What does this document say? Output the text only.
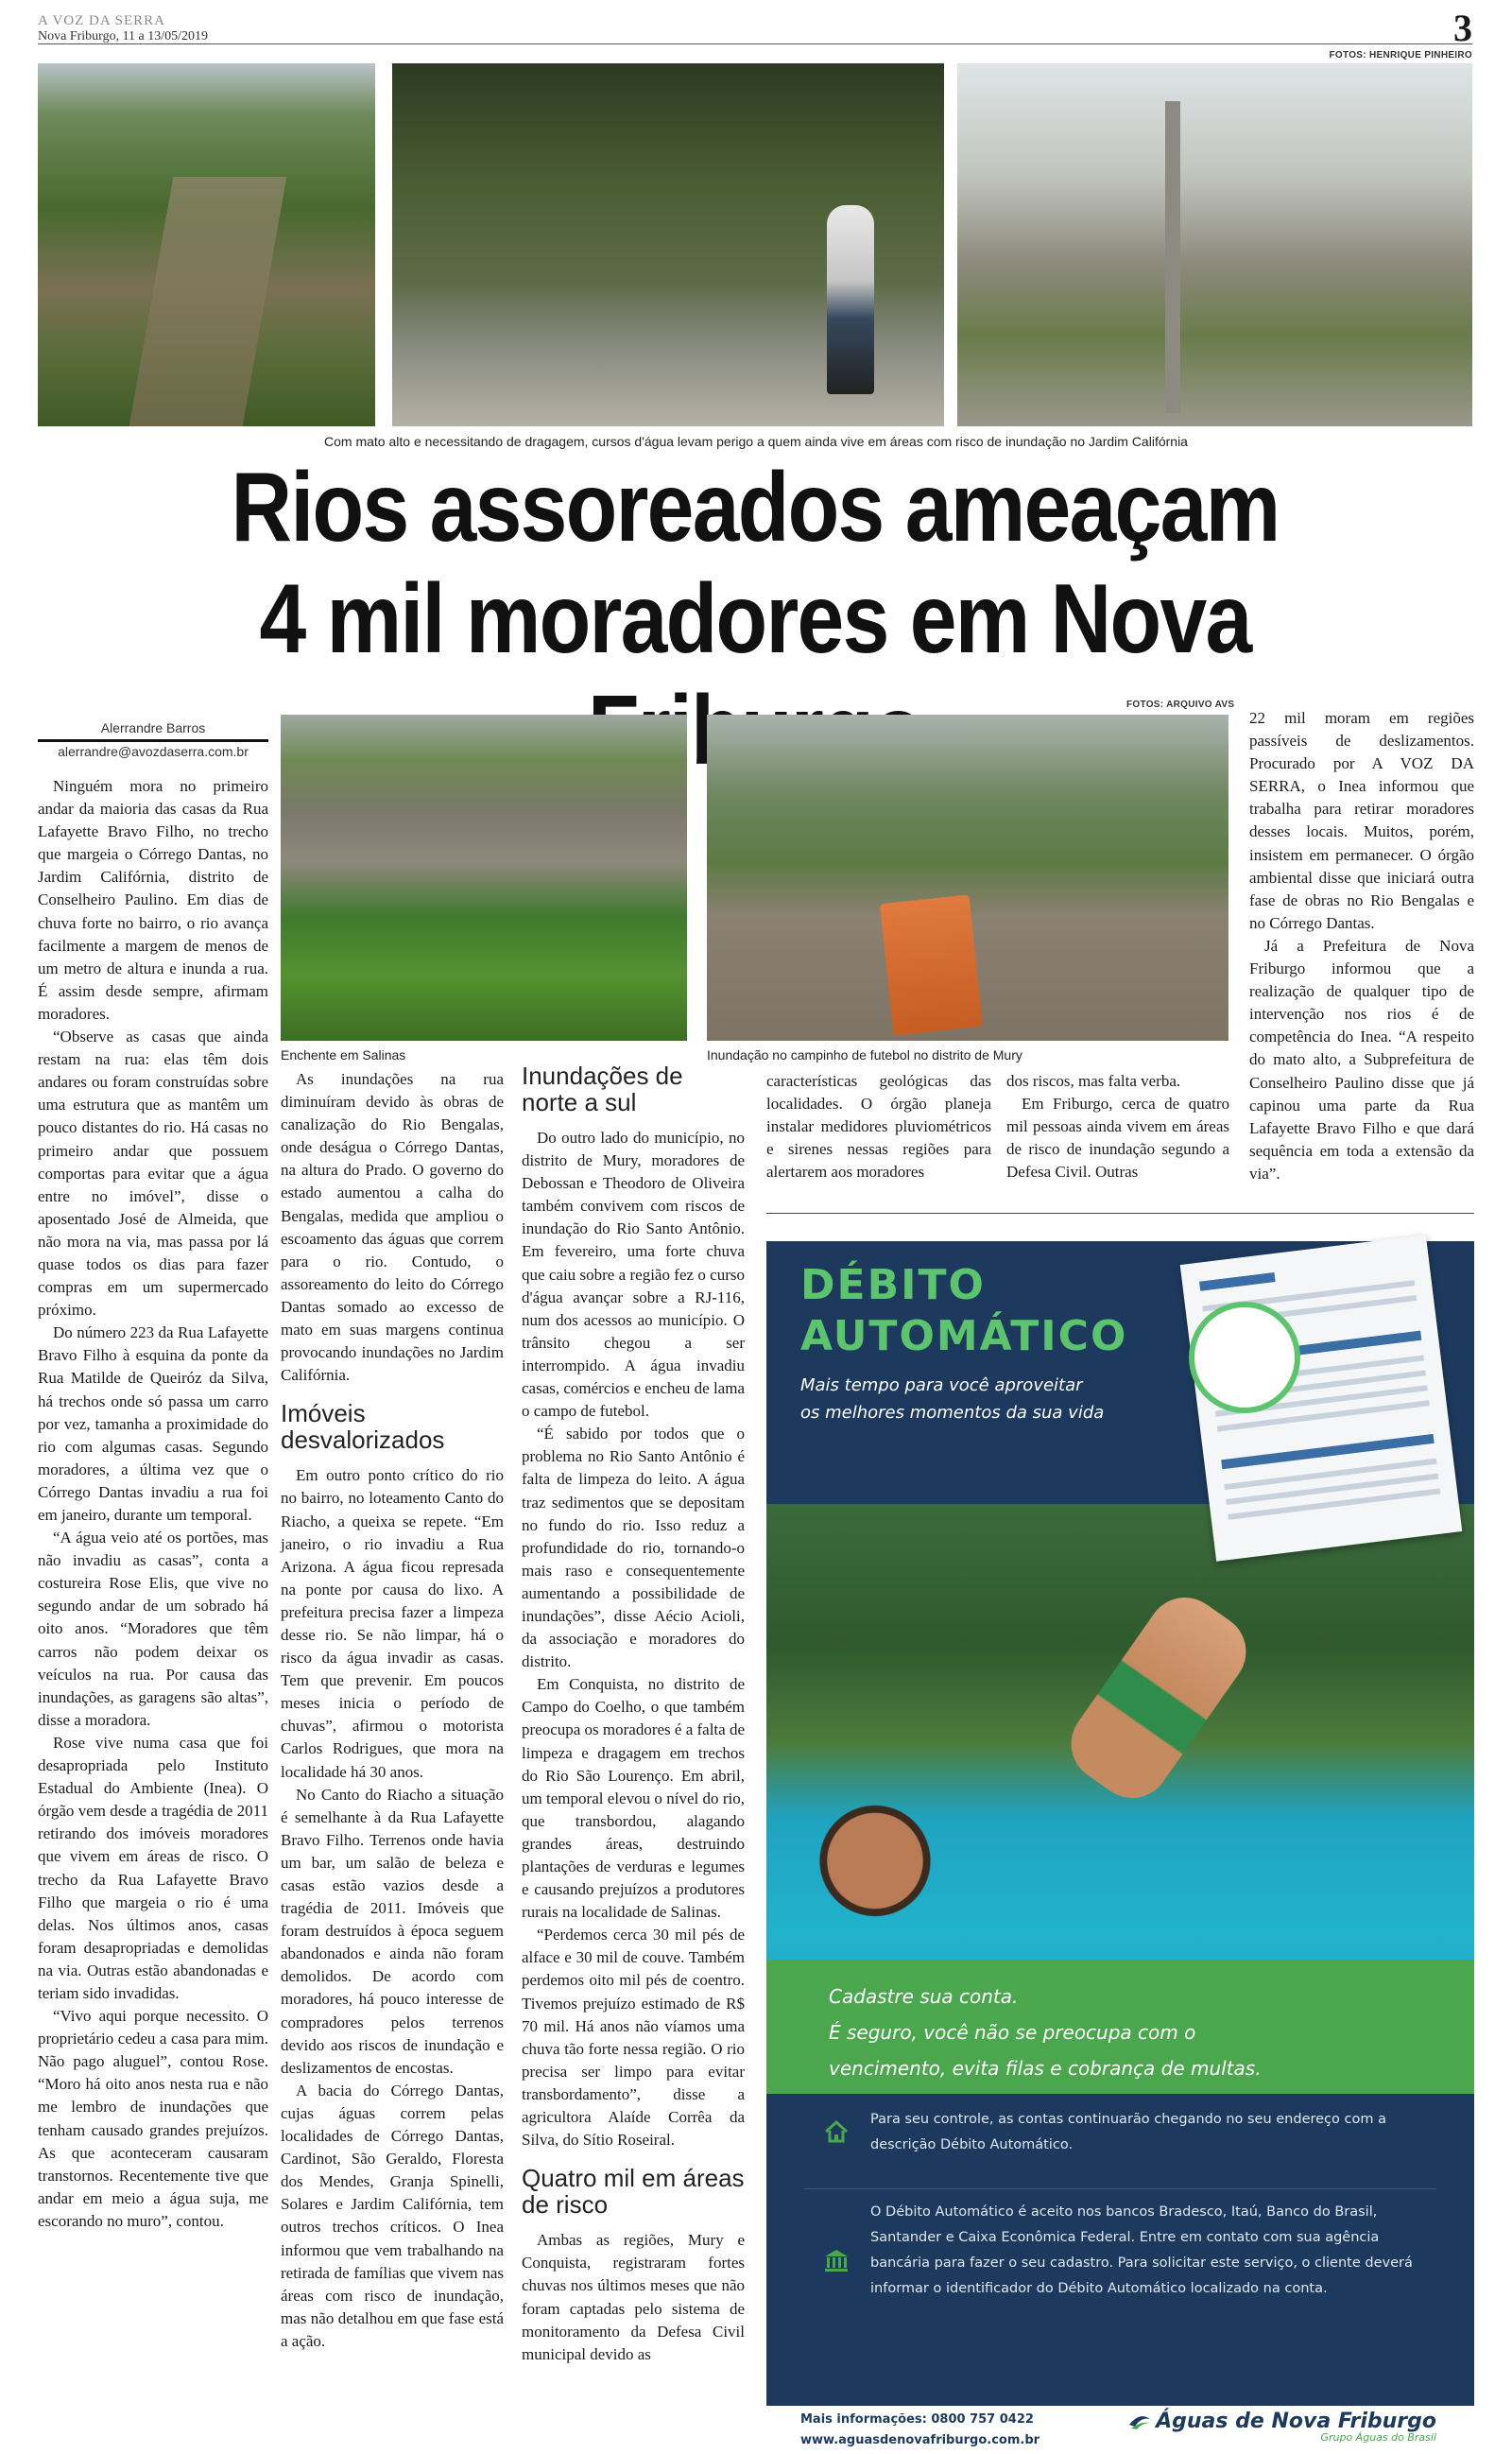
A VOZ DA SERRA
Nova Friburgo, 11 a 13/05/2019	3
FOTOS: HENRIQUE PINHEIRO
Com mato alto e necessitando de dragagem, cursos d'água levam perigo a quem ainda vive em áreas com risco de inundação no Jardim Califórnia
Rios assoreados ameaçam
4 mil moradores em Nova
Alerrandre Barros
alerrandre@avozdaserra.com.br
FOTOS: ARQUIVO AVS
Enchente em Salinas	Inundação no campinho de futebol no distrito de Mury

Ninguém mora no primeiro andar da maioria das casas da Rua Lafayette Bravo Filho, no trecho que margeia o Córrego Dantas, no Jardim Califórnia, distrito de Conselheiro Paulino. Em dias de chuva forte no bairro, o rio avança facilmente a margem de menos de um metro de altura e inunda a rua. É assim desde sempre, afirmam moradores.

“Observe as casas que ainda restam na rua: elas têm dois andares ou foram construídas sobre uma estrutura que as mantêm um pouco distantes do rio. Há casas no primeiro andar que possuem comportas para evitar que a água entre no imóvel”, disse o aposentado José de Almeida, que não mora na via, mas passa por lá quase todos os dias para fazer compras em um supermercado próximo.

Do número 223 da Rua Lafayette Bravo Filho à esquina da ponte da Rua Matilde de Queiróz da Silva, há trechos onde só passa um carro por vez, tamanha a proximidade do rio com algumas casas. Segundo moradores, a última vez que o Córrego Dantas invadiu a rua foi em janeiro, durante um temporal.

“A água veio até os portões, mas não invadiu as casas”, conta a costureira Rose Elis, que vive no segundo andar de um sobrado há oito anos. “Moradores que têm carros não podem deixar os veículos na rua. Por causa das inundações, as garagens são altas”, disse a moradora.

Rose vive numa casa que foi desapropriada pelo Instituto Estadual do Ambiente (Inea). O órgão vem desde a tragédia de 2011 retirando dos imóveis moradores que vivem em áreas de risco. O trecho da Rua Lafayette Bravo Filho que margeia o rio é uma delas. Nos últimos anos, casas foram desapropriadas e demolidas na via. Outras estão abandonadas e teriam sido invadidas.

“Vivo aqui porque necessito. O proprietário cedeu a casa para mim. Não pago aluguel”, contou Rose. “Moro há oito anos nesta rua e não me lembro de inundações que tenham causado grandes prejuízos. As que aconteceram causaram transtornos. Recentemente tive que andar em meio a água suja, me escorando no muro”, contou.

As inundações na rua diminuíram devido às obras de canalização do Rio Bengalas, onde deságua o Córrego Dantas, na altura do Prado. O governo do estado aumentou a calha do Bengalas, medida que ampliou o escoamento das águas que correm para o rio. Contudo, o assoreamento do leito do Córrego Dantas somado ao excesso de mato em suas margens continua provocando inundações no Jardim Califórnia.

Imóveis desvalorizados

Em outro ponto crítico do rio no bairro, no loteamento Canto do Riacho, a queixa se repete. “Em janeiro, o rio invadiu a Rua Arizona. A água ficou represada na ponte por causa do lixo. A prefeitura precisa fazer a limpeza desse rio. Se não limpar, há o risco da água invadir as casas. Tem que prevenir. Em poucos meses inicia o período de chuvas”, afirmou o motorista Carlos Rodrigues, que mora na localidade há 30 anos.

No Canto do Riacho a situação é semelhante à da Rua Lafayette Bravo Filho. Terrenos onde havia um bar, um salão de beleza e casas estão vazios desde a tragédia de 2011. Imóveis que foram destruídos à época seguem abandonados e ainda não foram demolidos. De acordo com moradores, há pouco interesse de compradores pelos terrenos devido aos riscos de inundação e deslizamentos de encostas.

A bacia do Córrego Dantas, cujas águas correm pelas localidades de Córrego Dantas, Cardinot, São Geraldo, Floresta dos Mendes, Granja Spinelli, Solares e Jardim Califórnia, tem outros trechos críticos. O Inea informou que vem trabalhando na retirada de famílias que vivem nas áreas com risco de inundação, mas não detalhou em que fase está a ação.

Inundações de norte a sul

Do outro lado do município, no distrito de Mury, moradores de Debossan e Theodoro de Oliveira também convivem com riscos de inundação do Rio Santo Antônio. Em fevereiro, uma forte chuva que caiu sobre a região fez o curso d'água avançar sobre a RJ-116, num dos acessos ao município. O trânsito chegou a ser interrompido. A água invadiu casas, comércios e encheu de lama o campo de futebol.

“É sabido por todos que o problema no Rio Santo Antônio é falta de limpeza do leito. A água traz sedimentos que se depositam no fundo do rio. Isso reduz a profundidade do rio, tornando-o mais raso e consequentemente aumentando a possibilidade de inundações”, disse Aécio Acioli, da associação e moradores do distrito.

Em Conquista, no distrito de Campo do Coelho, o que também preocupa os moradores é a falta de limpeza e dragagem em trechos do Rio São Lourenço. Em abril, um temporal elevou o nível do rio, que transbordou, alagando grandes áreas, destruindo plantações de verduras e legumes e causando prejuízos a produtores rurais na localidade de Salinas.

“Perdemos cerca 30 mil pés de alface e 30 mil de couve. Também perdemos oito mil pés de coentro. Tivemos prejuízo estimado de R$ 70 mil. Há anos não víamos uma chuva tão forte nessa região. O rio precisa ser limpo para evitar transbordamento”, disse a agricultora Alaíde Corrêa da Silva, do Sítio Roseiral.

Quatro mil em áreas de risco

Ambas as regiões, Mury e Conquista, registraram fortes chuvas nos últimos meses que não foram captadas pelo sistema de monitoramento da Defesa Civil municipal devido as

características geológicas das localidades. O órgão planeja instalar medidores pluviométricos e sirenes nessas regiões para alertarem aos moradores

dos riscos, mas falta verba.

Em Friburgo, cerca de quatro mil pessoas ainda vivem em áreas de risco de inundação segundo a Defesa Civil. Outras

22 mil moram em regiões passíveis de deslizamentos. Procurado por A VOZ DA SERRA, o Inea informou que trabalha para retirar moradores desses locais. Muitos, porém, insistem em permanecer. O órgão ambiental disse que iniciará outra fase de obras no Rio Bengalas e no Córrego Dantas.

Já a Prefeitura de Nova Friburgo informou que a realização de qualquer tipo de intervenção nos rios é de competência do Inea. “A respeito do mato alto, a Subprefeitura de Conselheiro Paulino disse que já capinou uma parte da Rua Lafayette Bravo Filho e que dará sequência em toda a extensão da via”.

DÉBITO
AUTOMÁTICO
Mais tempo para você aproveitar
os melhores momentos da sua vida
Cadastre sua conta.
É seguro, você não se preocupa com o
vencimento, evita filas e cobrança de multas.
Para seu controle, as contas continuarão chegando no seu endereço com a descrição Débito Automático.
O Débito Automático é aceito nos bancos Bradesco, Itaú, Banco do Brasil, Santander e Caixa Econômica Federal. Entre em contato com sua agência bancária para fazer o seu cadastro. Para solicitar este serviço, o cliente deverá informar o identificador do Débito Automático localizado na conta.
Mais informações: 0800 757 0422
www.aguasdenovafriburgo.com.br
Águas de Nova Friburgo
Grupo Águas do Brasil
